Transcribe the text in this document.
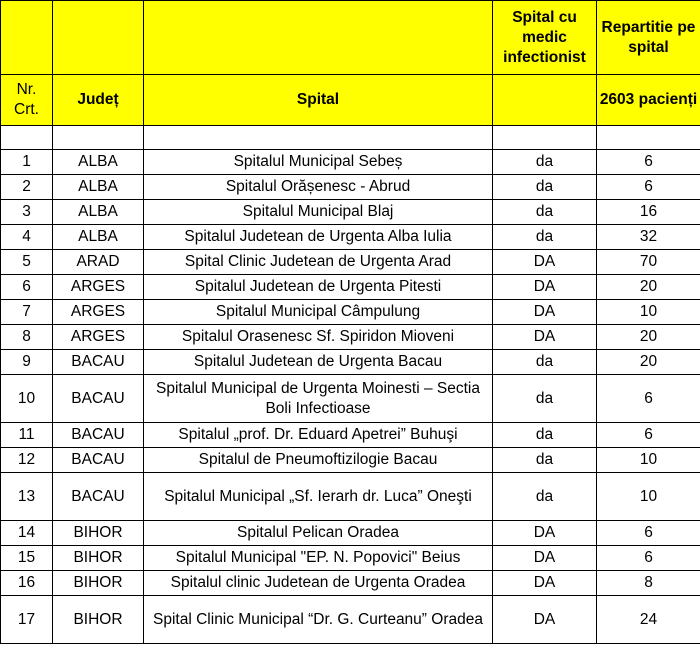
			Spital cu medic infectionist	Repartitie pe spital
Nr. Crt.	Județ	Spital		2603 pacienți

1	ALBA	Spitalul Municipal Sebeș	da	6
2	ALBA	Spitalul Orășenesc - Abrud	da	6
3	ALBA	Spitalul Municipal Blaj	da	16
4	ALBA	Spitalul Judetean de Urgenta Alba Iulia	da	32
5	ARAD	Spital Clinic Judetean de Urgenta Arad	DA	70
6	ARGES	Spitalul Judetean de Urgenta Pitesti	DA	20
7	ARGES	Spitalul Municipal Câmpulung	DA	10
8	ARGES	Spitalul Orasenesc Sf. Spiridon Mioveni	DA	20
9	BACAU	Spitalul Judetean de Urgenta Bacau	da	20
10	BACAU	Spitalul Municipal de Urgenta Moinesti – Sectia Boli Infectioase	da	6
11	BACAU	Spitalul „prof. Dr. Eduard Apetrei” Buhuşi	da	6
12	BACAU	Spitalul de Pneumoftizilogie Bacau	da	10
13	BACAU	Spitalul Municipal „Sf. Ierarh dr. Luca” Oneşti	da	10
14	BIHOR	Spitalul Pelican Oradea	DA	6
15	BIHOR	Spitalul Municipal "EP. N. Popovici" Beius	DA	6
16	BIHOR	Spitalul clinic Judetean de Urgenta Oradea	DA	8
17	BIHOR	Spital Clinic Municipal “Dr. G. Curteanu” Oradea	DA	24
